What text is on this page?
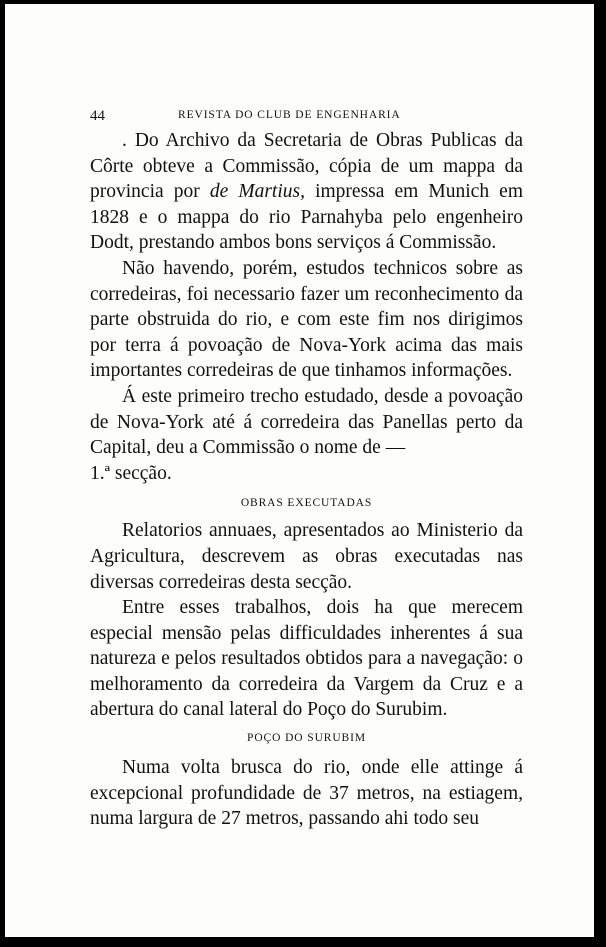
44	REVISTA DO CLUB DE ENGENHARIA

. Do Archivo da Secretaria de Obras Publicas da Côrte obteve a Commissão, cópia de um mappa da provincia por de Martius, impressa em Munich em 1828 e o mappa do rio Parnahyba pelo engenheiro Dodt, prestando ambos bons serviços á Commissão.

Não havendo, porém, estudos technicos sobre as corredeiras, foi necessario fazer um reconhecimento da parte obstruida do rio, e com este fim nos dirigimos por terra á povoação de Nova-York acima das mais importantes corredeiras de que tinhamos informações.

Á este primeiro trecho estudado, desde a povoação de Nova-York até á corredeira das Panellas perto da Capital, deu a Commissão o nome de —

1.ª secção.

OBRAS EXECUTADAS

Relatorios annuaes, apresentados ao Ministerio da Agricultura, descrevem as obras executadas nas diversas corredeiras desta secção.

Entre esses trabalhos, dois ha que merecem especial mensão pelas difficuldades inherentes á sua natureza e pelos resultados obtidos para a navegação: o melhoramento da corredeira da Vargem da Cruz e a abertura do canal lateral do Poço do Surubim.

POÇO DO SURUBIM

Numa volta brusca do rio, onde elle attinge á excepcional profundidade de 37 metros, na estiagem, numa largura de 27 metros, passando ahi todo seu
